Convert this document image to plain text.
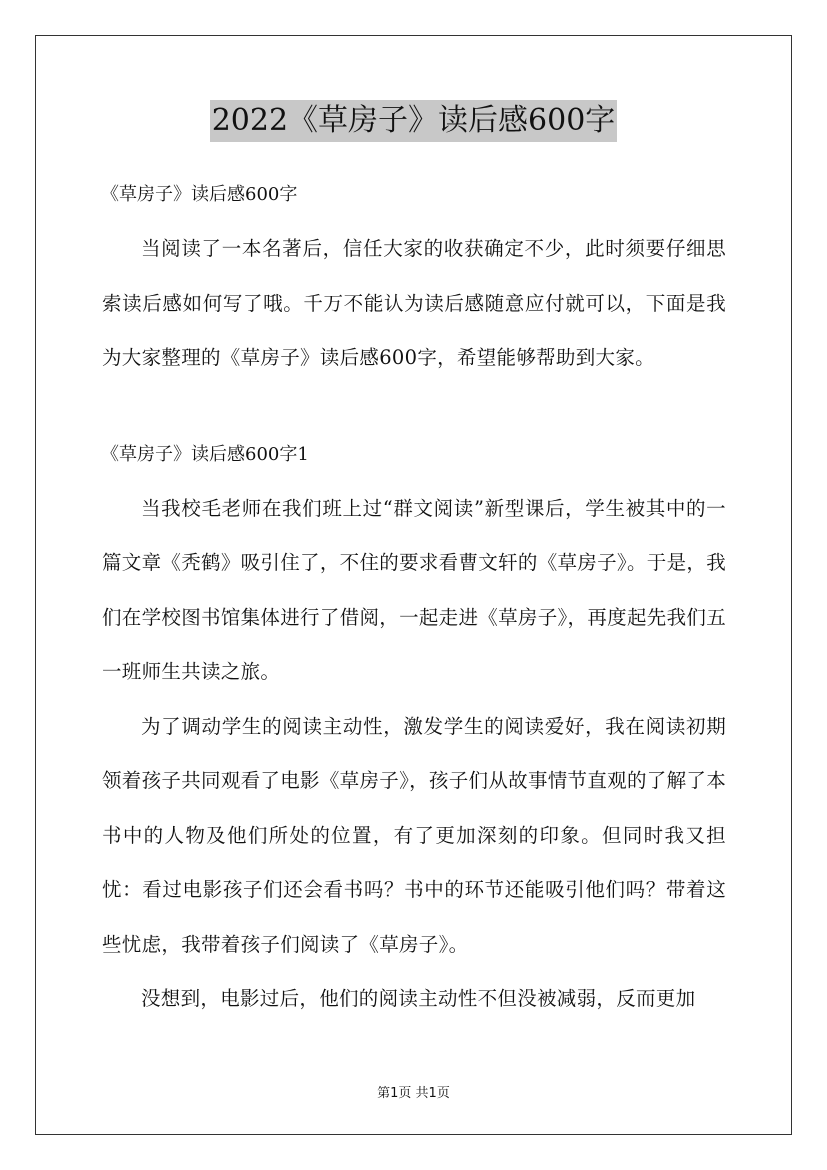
2022《草房子》读后感600字

《草房子》读后感600字

当阅读了一本名著后，信任大家的收获确定不少，此时须要仔细思索读后感如何写了哦。千万不能认为读后感随意应付就可以，下面是我为大家整理的《草房子》读后感600字，希望能够帮助到大家。

《草房子》读后感600字1

当我校毛老师在我们班上过“群文阅读”新型课后，学生被其中的一篇文章《秃鹤》吸引住了，不住的要求看曹文轩的《草房子》。于是，我们在学校图书馆集体进行了借阅，一起走进《草房子》，再度起先我们五一班师生共读之旅。

为了调动学生的阅读主动性，激发学生的阅读爱好，我在阅读初期领着孩子共同观看了电影《草房子》，孩子们从故事情节直观的了解了本书中的人物及他们所处的位置，有了更加深刻的印象。但同时我又担忧：看过电影孩子们还会看书吗？书中的环节还能吸引他们吗？带着这些忧虑，我带着孩子们阅读了《草房子》。

没想到，电影过后，他们的阅读主动性不但没被减弱，反而更加

第1页 共1页
